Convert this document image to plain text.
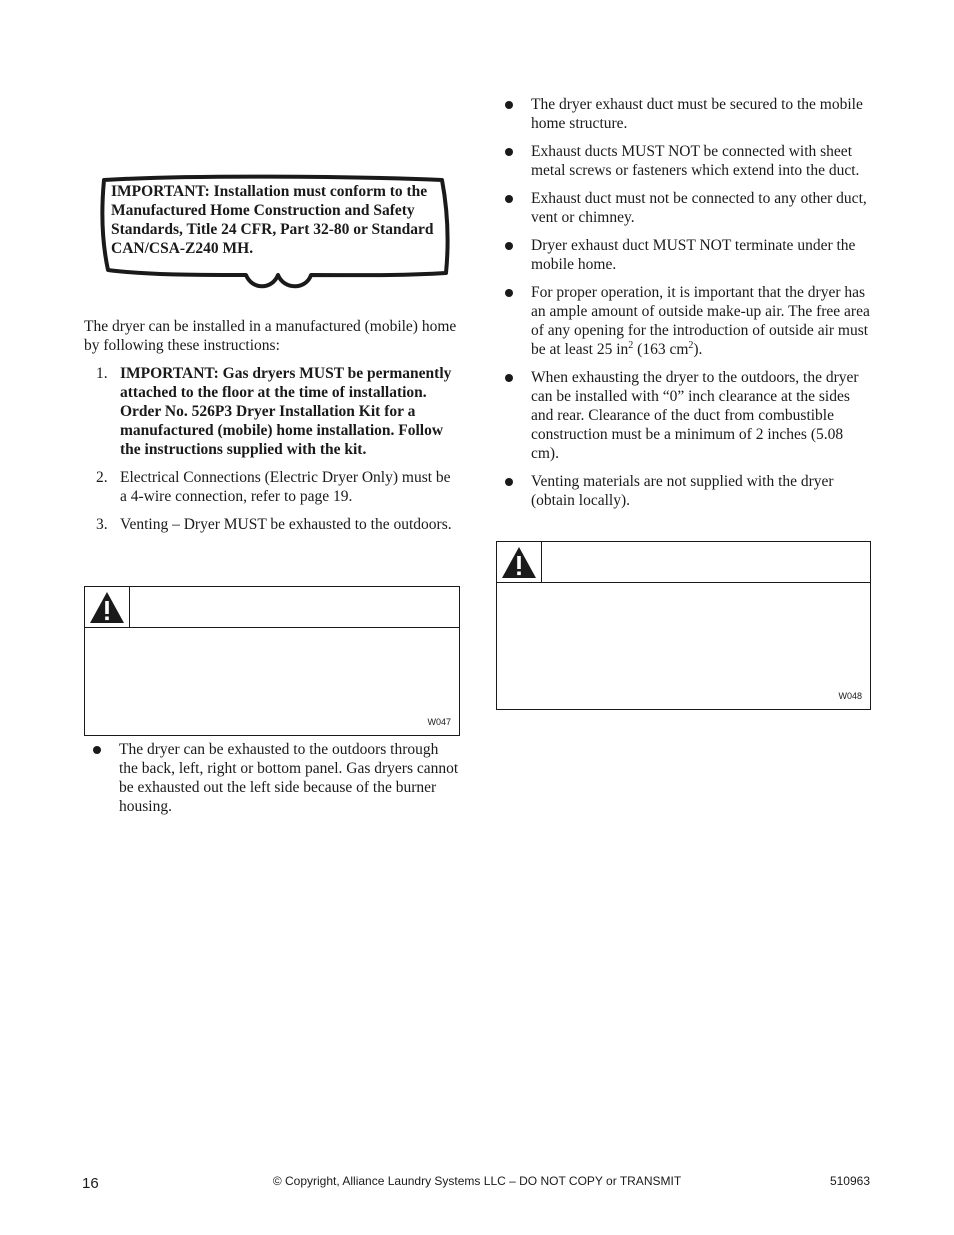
IMPORTANT: Installation must conform to the Manufactured Home Construction and Safety Standards, Title 24 CFR, Part 32-80 or Standard CAN/CSA-Z240 MH.
The dryer can be installed in a manufactured (mobile) home by following these instructions:
1. IMPORTANT: Gas dryers MUST be permanently attached to the floor at the time of installation. Order No. 526P3 Dryer Installation Kit for a manufactured (mobile) home installation. Follow the instructions supplied with the kit.
2. Electrical Connections (Electric Dryer Only) must be a 4-wire connection, refer to page 19.
3. Venting – Dryer MUST be exhausted to the outdoors.
W047
The dryer can be exhausted to the outdoors through the back, left, right or bottom panel. Gas dryers cannot be exhausted out the left side because of the burner housing.
The dryer exhaust duct must be secured to the mobile home structure.
Exhaust ducts MUST NOT be connected with sheet metal screws or fasteners which extend into the duct.
Exhaust duct must not be connected to any other duct, vent or chimney.
Dryer exhaust duct MUST NOT terminate under the mobile home.
For proper operation, it is important that the dryer has an ample amount of outside make-up air. The free area of any opening for the introduction of outside air must be at least 25 $in^2$ (163 $cm^2$).
When exhausting the dryer to the outdoors, the dryer can be installed with “0” inch clearance at the sides and rear. Clearance of the duct from combustible construction must be a minimum of 2 inches (5.08 cm).
Venting materials are not supplied with the dryer (obtain locally).
W048
16	© Copyright, Alliance Laundry Systems LLC – DO NOT COPY or TRANSMIT	510963
